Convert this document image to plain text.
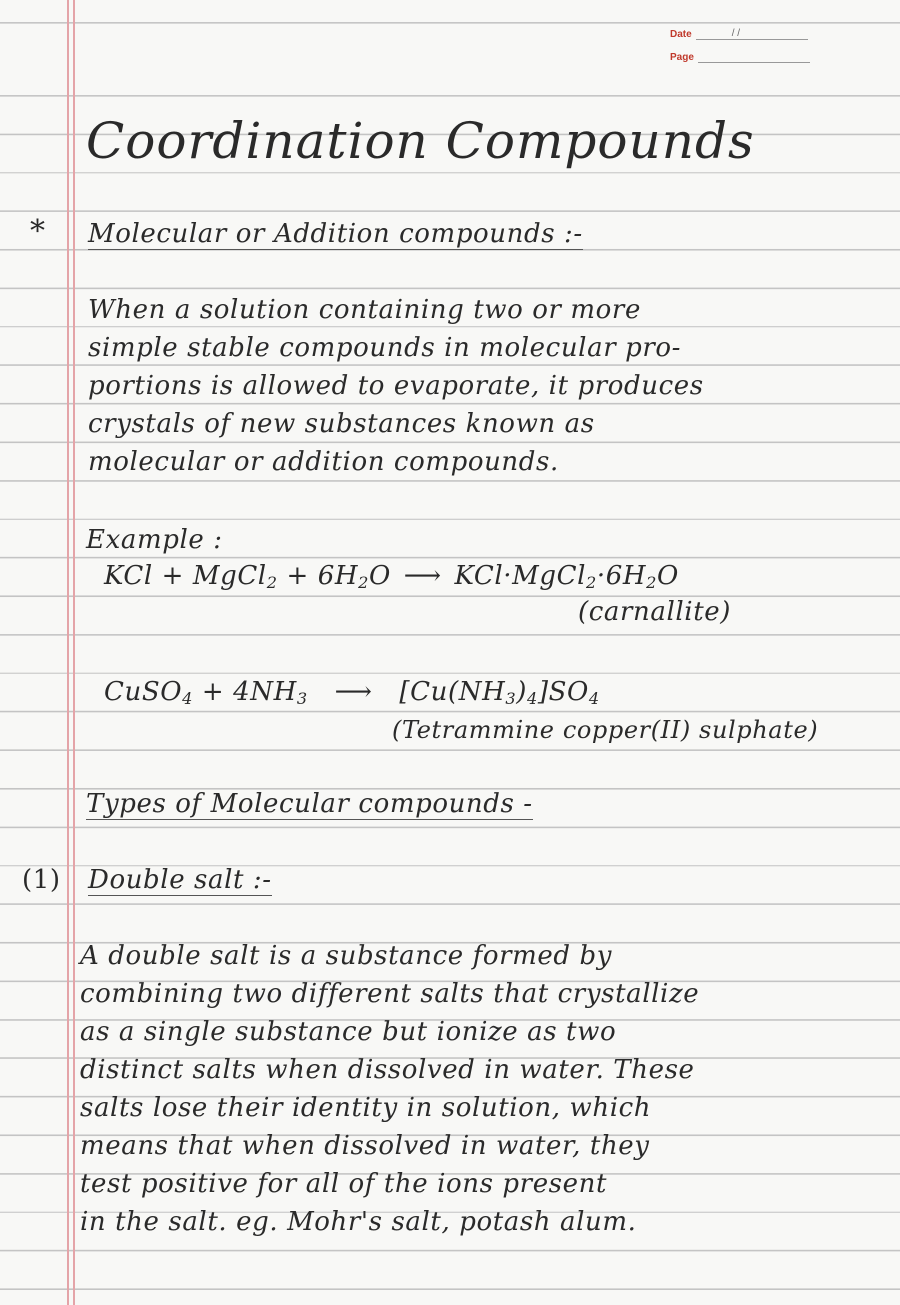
Date	/ /
Page
Coordination Compounds
* Molecular or Addition compounds :-
When a solution containing two or more
simple stable compounds in molecular pro-
portions is allowed to evaporate, it produces
crystals of new substances known as
molecular or addition compounds.
Example :
KCl + MgCl$_2$ + $6H_2O$ ⟶ $KCl\cdot MgCl_2\cdot 6H_2O$
(carnallite)
CuSO$_4$ + $4NH_3$ ⟶ $[Cu(NH_3)_4]SO_4$
(Tetrammine copper(II) sulphate)
Types of Molecular compounds -
(1) Double salt :-
A double salt is a substance formed by
combining two different salts that crystallize
as a single substance but ionize as two
distinct salts when dissolved in water. These
salts lose their identity in solution, which
means that when dissolved in water, they
test positive for all of the ions present
in the salt. eg. Mohr's salt, potash alum.
